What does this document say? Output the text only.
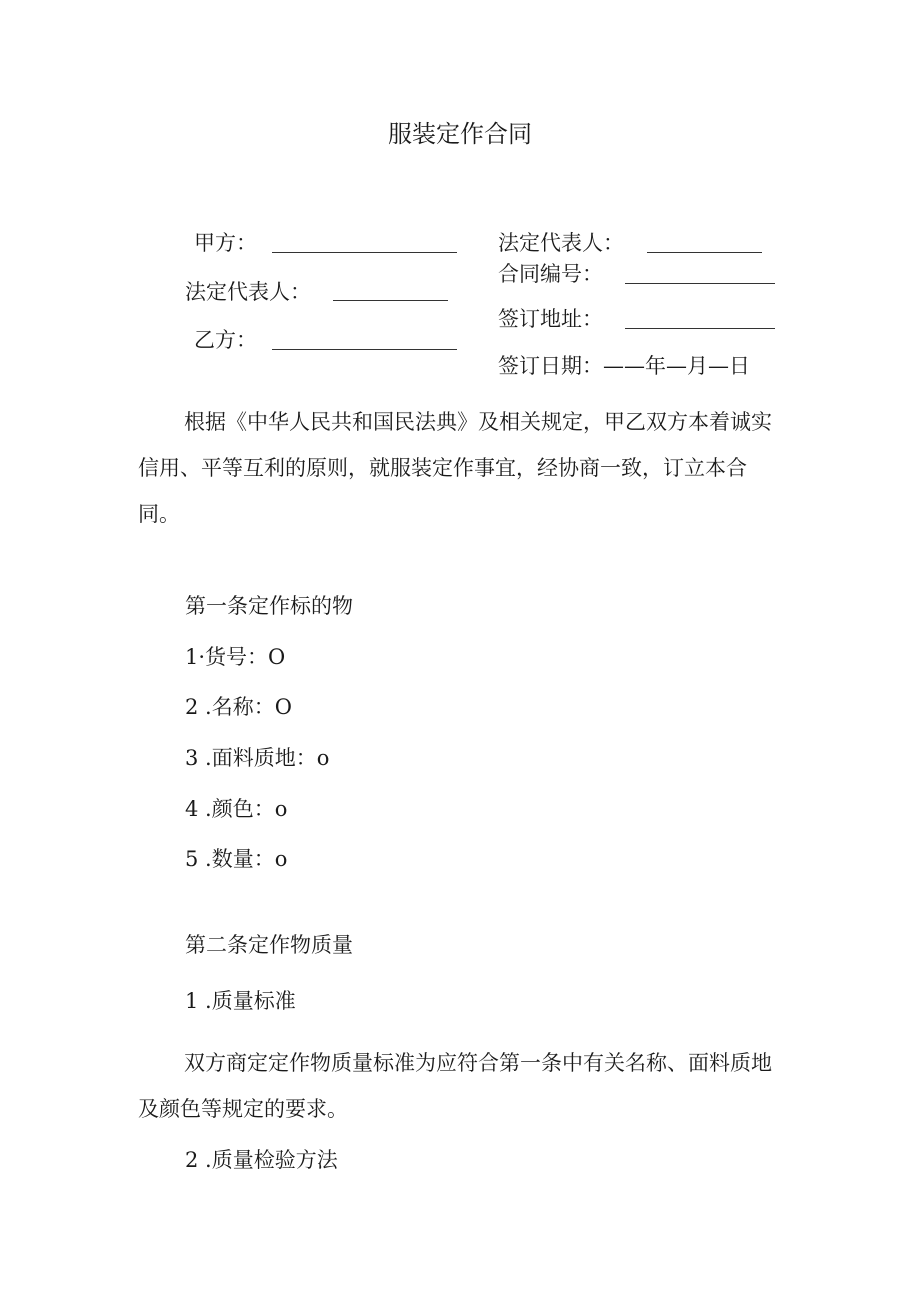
服装定作合同
甲方：	法定代表人：
合同编号：
法定代表人：
签订地址：
乙方：
签订日期：——年—月—日

根据《中华人民共和国民法典》及相关规定，甲乙双方本着诚实信用、平等互利的原则，就服装定作事宜，经协商一致，订立本合同。

第一条定作标的物
1·货号：O
2 .名称：O
3 .面料质地：o
4 .颜色：o
5 .数量：o
第二条定作物质量
1 .质量标准

双方商定定作物质量标准为应符合第一条中有关名称、面料质地及颜色等规定的要求。

2 .质量检验方法
